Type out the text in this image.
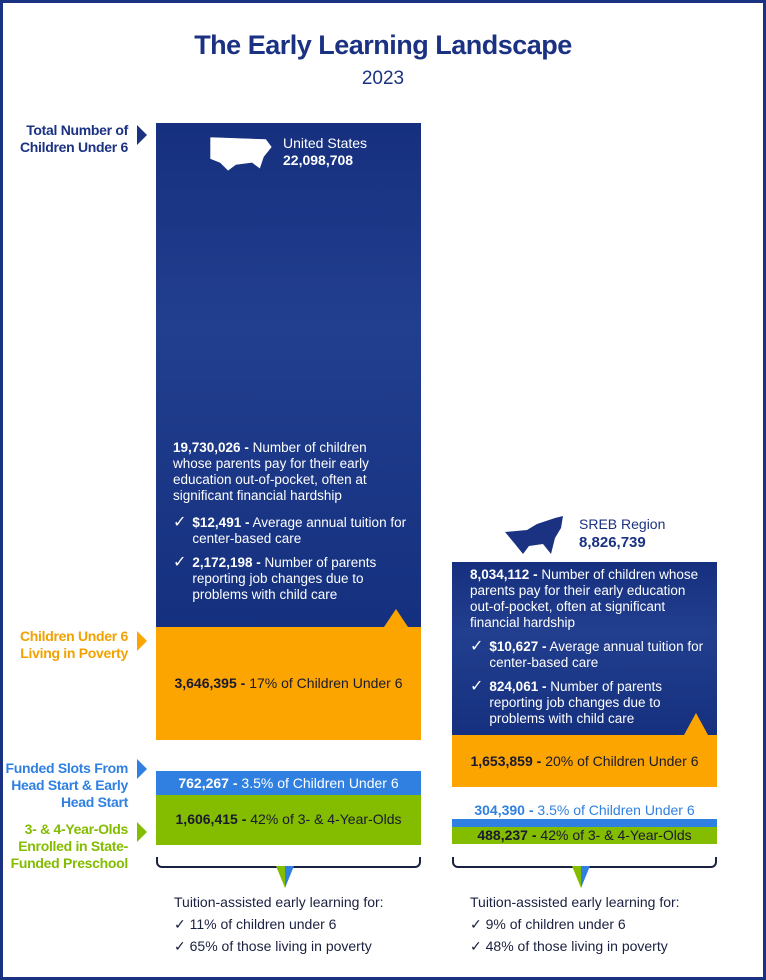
The Early Learning Landscape
2023
Total Number of Children Under 6
Children Under 6 Living in Poverty
Funded Slots From Head Start & Early Head Start
3- & 4-Year-Olds Enrolled in State-Funded Preschool
United States
22,098,708
19,730,026 - Number of children whose parents pay for their early education out-of-pocket, often at significant financial hardship
✓ $12,491 - Average annual tuition for center-based care
✓ 2,172,198 - Number of parents reporting job changes due to problems with child care
3,646,395 - 17% of Children Under 6
762,267 - 3.5% of Children Under 6
1,606,415 - 42% of 3- & 4-Year-Olds
Tuition-assisted early learning for:
✓ 11% of children under 6
✓ 65% of those living in poverty
SREB Region
8,826,739
8,034,112 - Number of children whose parents pay for their early education out-of-pocket, often at significant financial hardship
✓ $10,627 - Average annual tuition for center-based care
✓ 824,061 - Number of parents reporting job changes due to problems with child care
1,653,859 - 20% of Children Under 6
304,390 - 3.5% of Children Under 6
488,237 - 42% of 3- & 4-Year-Olds
Tuition-assisted early learning for:
✓ 9% of children under 6
✓ 48% of those living in poverty
